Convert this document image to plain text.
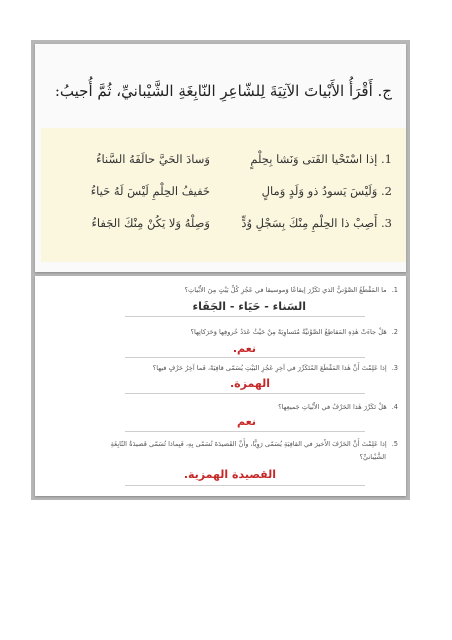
ج. أَقْرَأُ الأَبْياتَ الآتِيَةَ لِلشّاعِرِ النّابِغَةِ الشَّيْبانيِّ، ثُمَّ أُجيبُ:
1. إذا اسْتَحْيا الفَتى وَنَشا بِحِلْمٍ
وَسادَ الحَيَّ حالَفَهُ السَّناءُ
2. وَلَيْسَ يَسودُ ذو وَلَدٍ وَمالٍ
خَفيفُ الحِلْمِ لَيْسَ لَهُ حَياءُ
3. أَصِبْ ذا الحِلْمِ مِنْكَ بِسَجْلِ وُدٍّ
وَصِلْهُ وَلا يَكُنْ مِنْكَ الجَفاءُ
1.ما المَقْطَعُ الصَّوْتيُّ الذي تَكَرَّرَ إيقاعًا وَموسيقا في عَجُزِ كُلِّ بَيْتٍ مِنَ الأَبْياتِ؟
السَناء - حَيَاء - الجَفَاء
2.هَلْ جاءَتْ هٰذِهِ المَقاطِعُ الصَّوْتيَّةُ مُتَساوِيَةً مِنْ حَيْثُ عَدَدُ حُروفِها وَحَرَكاتِها؟
نعم.
3.إذا عَلِمْتَ أَنَّ هٰذا المَقْطَعَ المُتَكَرِّرَ في آخِرِ عَجُزِ البَيْتِ يُسَمّى قافِيَةً، فَما آخِرُ حَرْفٍ فيها؟
الهمزة.
4.هَلْ تَكَرَّرَ هٰذا الحَرْفُ في الأَبْياتِ جَميعِها؟
نعم
5.إذا عَلِمْتَ أَنَّ الحَرْفَ الأَخيرَ في القافِيَةِ يُسَمّى رَوِيًّا، وأَنَّ القَصيدَةَ تُسَمّى بِهِ، فَبِماذا تُسَمّى قَصيدَةُ النّابِغَةِ
الشَّيْبانيِّ؟
القصيدة الهمزية.
